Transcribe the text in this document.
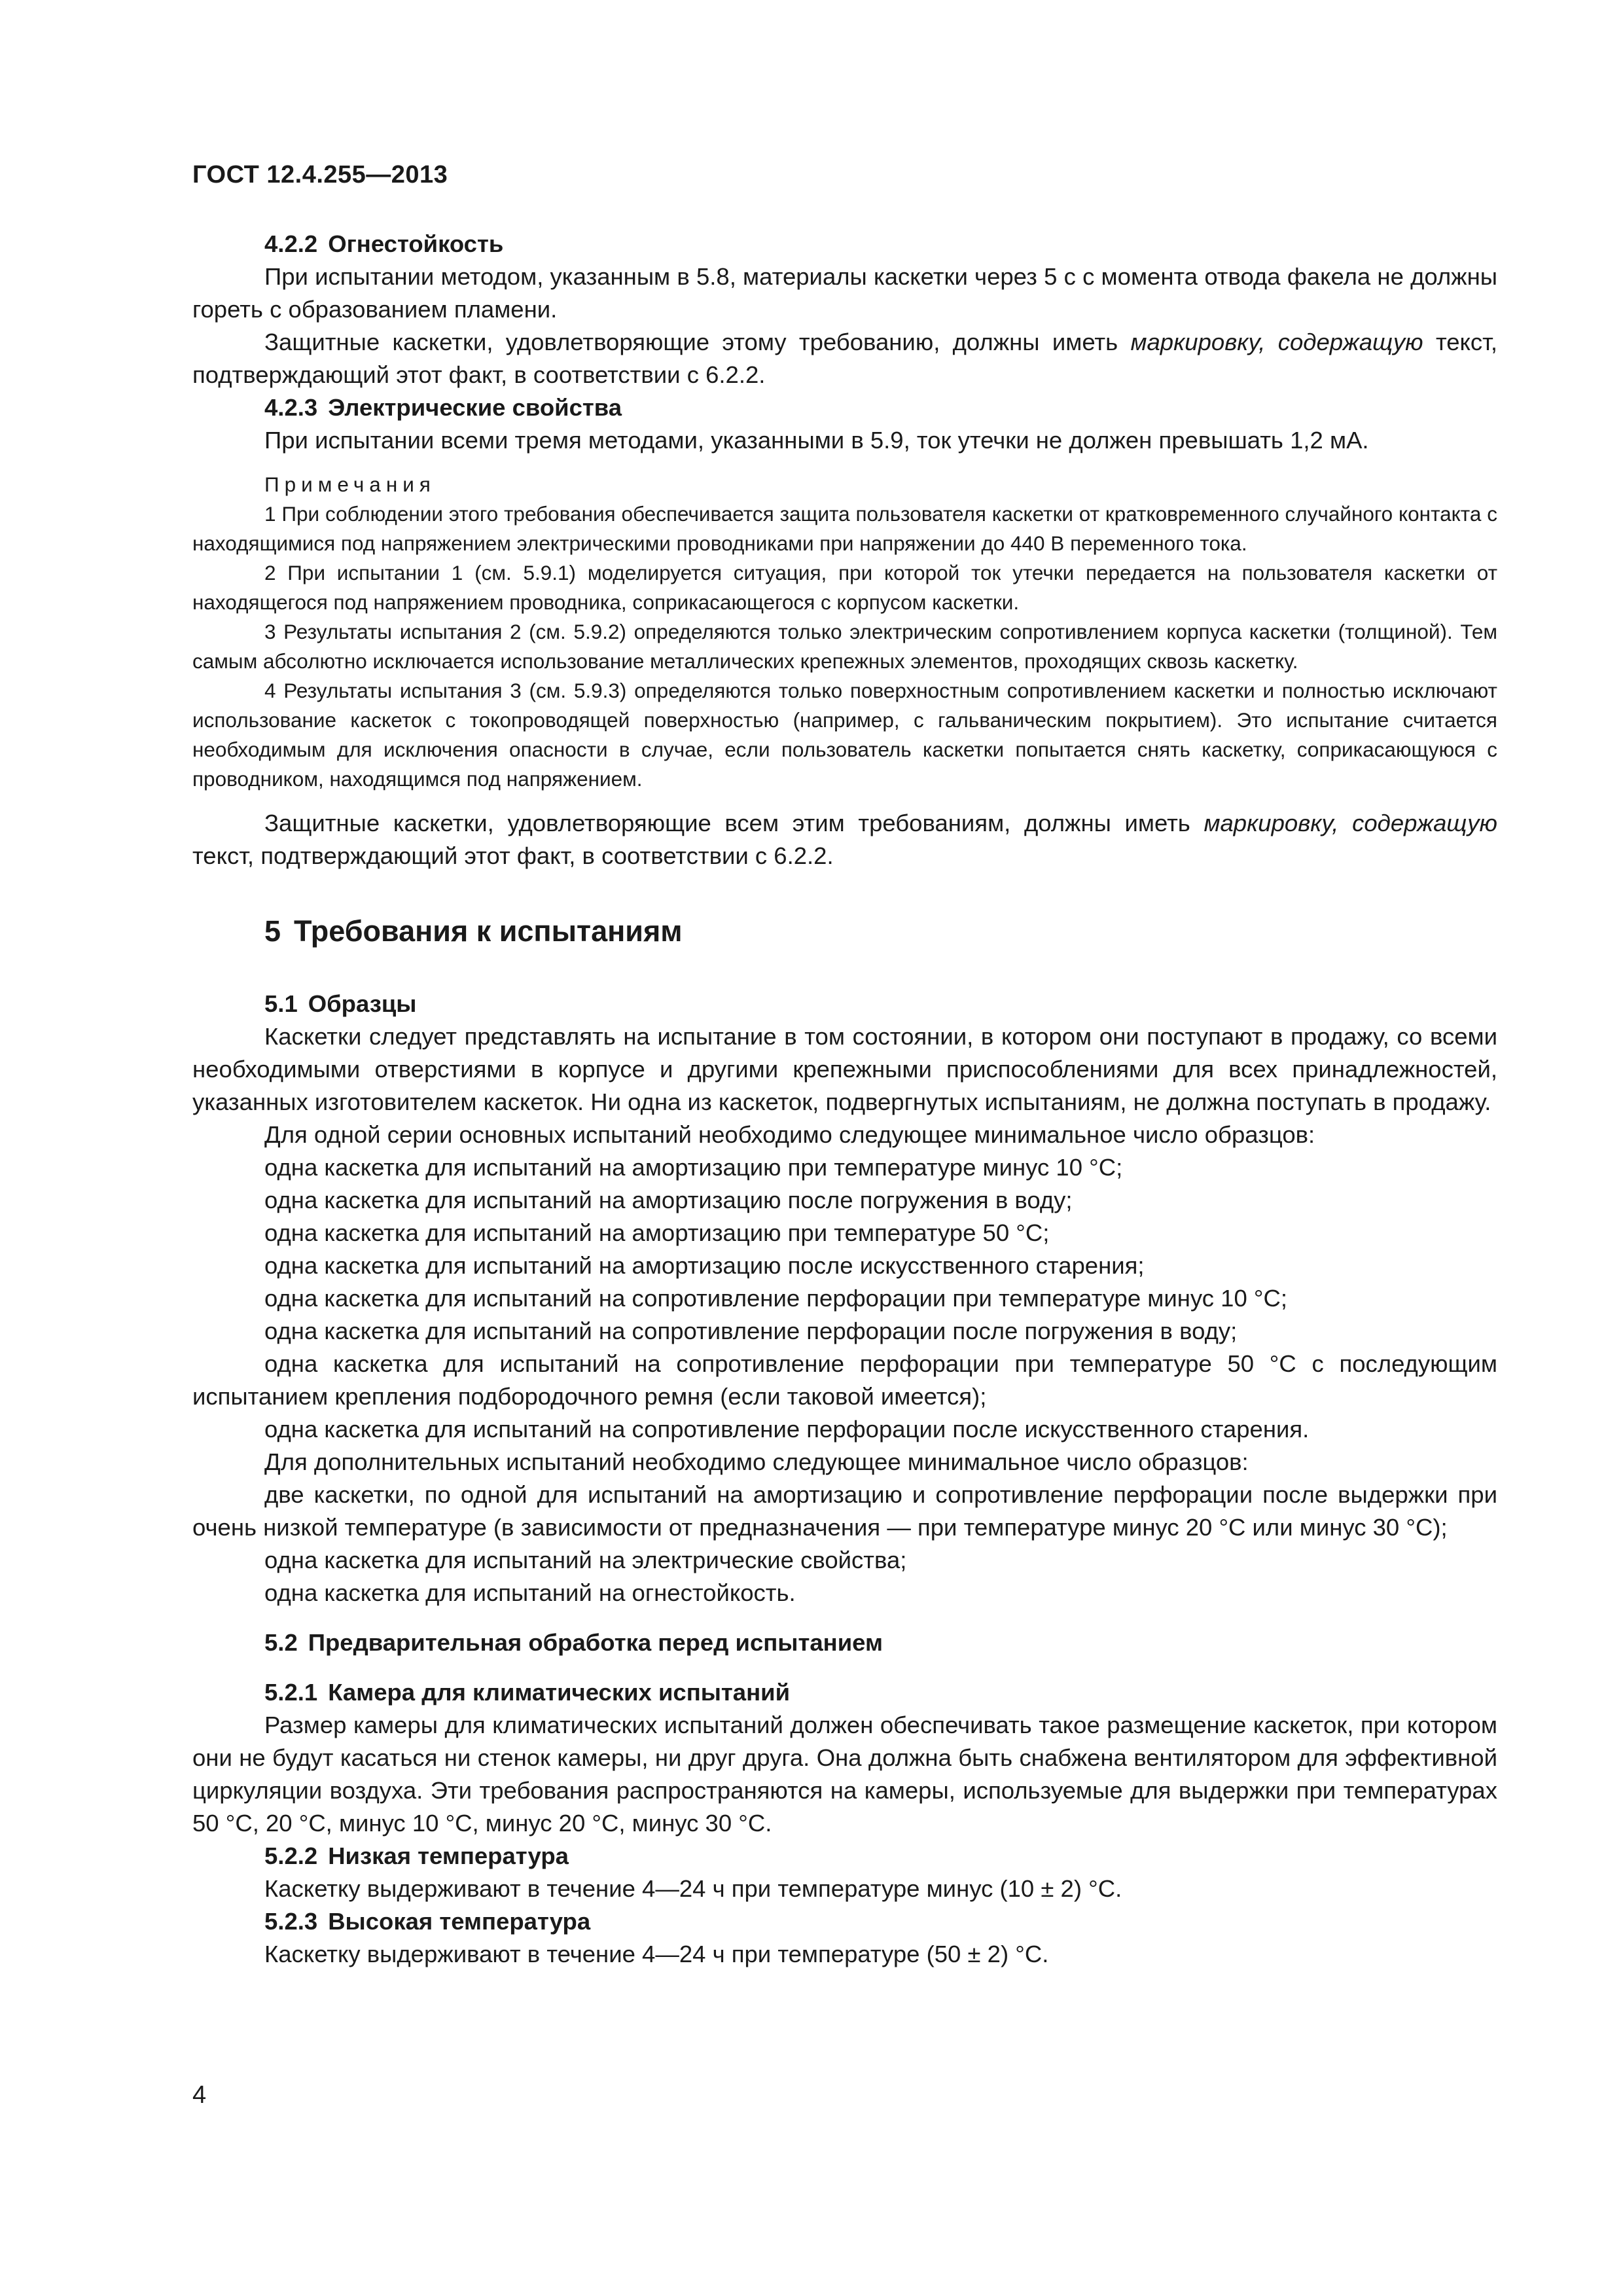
ГОСТ 12.4.255—2013
4.2.2 Огнестойкость

При испытании методом, указанным в 5.8, материалы каскетки через 5 с с момента отвода факела не должны гореть с образованием пламени.

Защитные каскетки, удовлетворяющие этому требованию, должны иметь маркировку, содержащую текст, подтверждающий этот факт, в соответствии с 6.2.2.

4.2.3 Электрические свойства

При испытании всеми тремя методами, указанными в 5.9, ток утечки не должен превышать 1,2 мА.

Примечания

1 При соблюдении этого требования обеспечивается защита пользователя каскетки от кратковременного случайного контакта с находящимися под напряжением электрическими проводниками при напряжении до 440 В переменного тока.

2 При испытании 1 (см. 5.9.1) моделируется ситуация, при которой ток утечки передается на пользователя каскетки от находящегося под напряжением проводника, соприкасающегося с корпусом каскетки.

3 Результаты испытания 2 (см. 5.9.2) определяются только электрическим сопротивлением корпуса каскетки (толщиной). Тем самым абсолютно исключается использование металлических крепежных элементов, проходящих сквозь каскетку.

4 Результаты испытания 3 (см. 5.9.3) определяются только поверхностным сопротивлением каскетки и полностью исключают использование каскеток с токопроводящей поверхностью (например, с гальваническим покрытием). Это испытание считается необходимым для исключения опасности в случае, если пользователь каскетки попытается снять каскетку, соприкасающуюся с проводником, находящимся под напряжением.

Защитные каскетки, удовлетворяющие всем этим требованиям, должны иметь маркировку, содержащую текст, подтверждающий этот факт, в соответствии с 6.2.2.

5 Требования к испытаниям
5.1 Образцы

Каскетки следует представлять на испытание в том состоянии, в котором они поступают в продажу, со всеми необходимыми отверстиями в корпусе и другими крепежными приспособлениями для всех принадлежностей, указанных изготовителем каскеток. Ни одна из каскеток, подвергнутых испытаниям, не должна поступать в продажу.

Для одной серии основных испытаний необходимо следующее минимальное число образцов:

одна каскетка для испытаний на амортизацию при температуре минус 10 °С;

одна каскетка для испытаний на амортизацию после погружения в воду;

одна каскетка для испытаний на амортизацию при температуре 50 °С;

одна каскетка для испытаний на амортизацию после искусственного старения;

одна каскетка для испытаний на сопротивление перфорации при температуре минус 10 °С;

одна каскетка для испытаний на сопротивление перфорации после погружения в воду;

одна каскетка для испытаний на сопротивление перфорации при температуре 50 °С с последующим испытанием крепления подбородочного ремня (если таковой имеется);

одна каскетка для испытаний на сопротивление перфорации после искусственного старения.

Для дополнительных испытаний необходимо следующее минимальное число образцов:

две каскетки, по одной для испытаний на амортизацию и сопротивление перфорации после выдержки при очень низкой температуре (в зависимости от предназначения — при температуре минус 20 °С или минус 30 °С);

одна каскетка для испытаний на электрические свойства;

одна каскетка для испытаний на огнестойкость.

5.2 Предварительная обработка перед испытанием
5.2.1 Камера для климатических испытаний

Размер камеры для климатических испытаний должен обеспечивать такое размещение каскеток, при котором они не будут касаться ни стенок камеры, ни друг друга. Она должна быть снабжена вентилятором для эффективной циркуляции воздуха. Эти требования распространяются на камеры, используемые для выдержки при температурах 50 °С, 20 °С, минус 10 °С, минус 20 °С, минус 30 °С.

5.2.2 Низкая температура

Каскетку выдерживают в течение 4—24 ч при температуре минус (10 ± 2) °С.

5.2.3 Высокая температура

Каскетку выдерживают в течение 4—24 ч при температуре (50 ± 2) °С.

4
